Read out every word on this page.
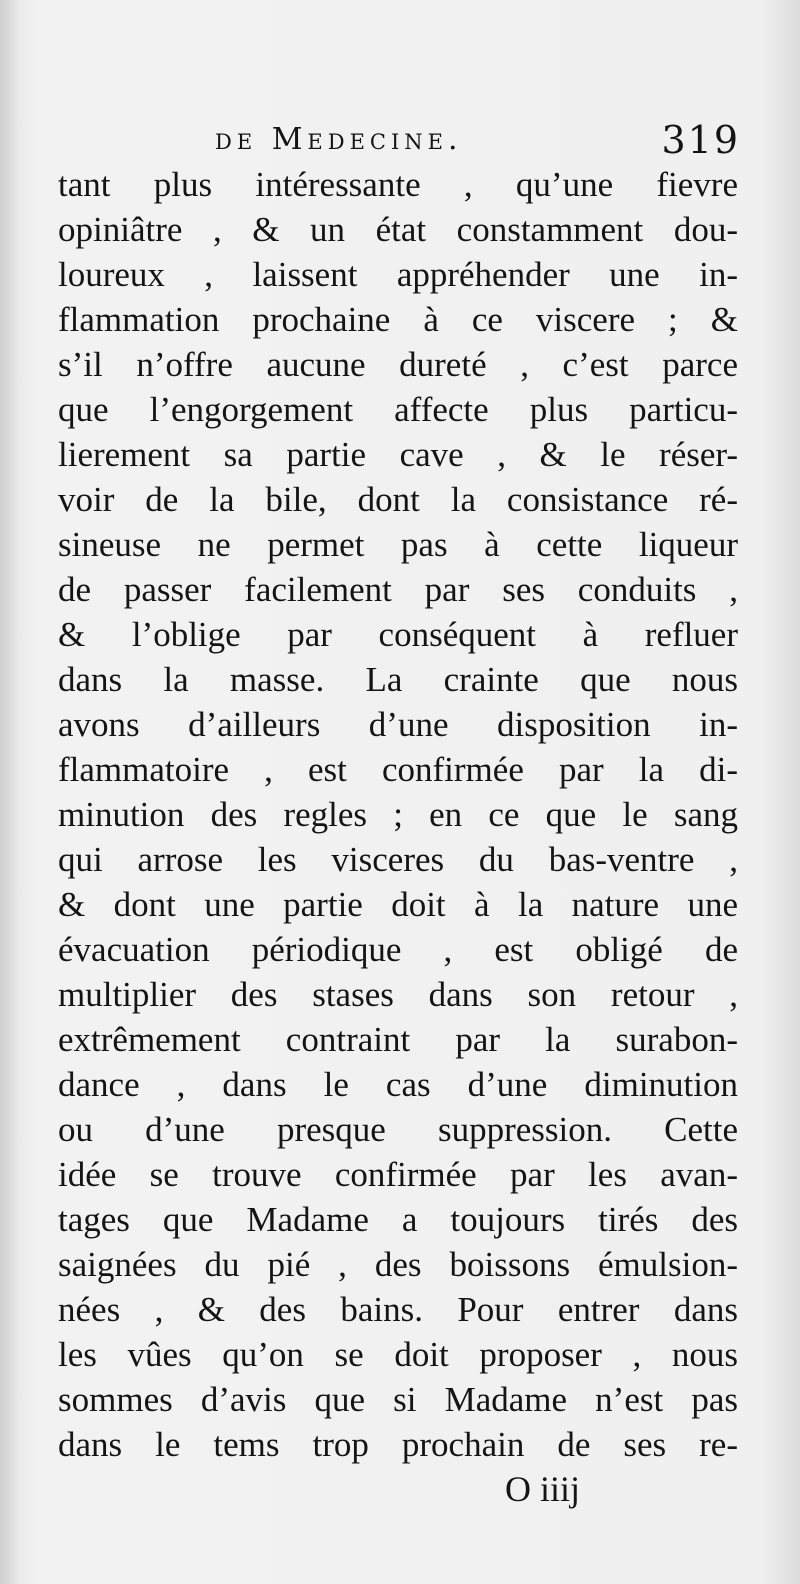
de Medecine.	319
tant plus intéressante , qu’une fievre
opiniâtre , & un état constamment dou-
loureux , laissent appréhender une in-
flammation prochaine à ce viscere ; &
s’il n’offre aucune dureté , c’est parce
que l’engorgement affecte plus particu-
lierement sa partie cave , & le réser-
voir de la bile, dont la consistance ré-
sineuse ne permet pas à cette liqueur
de passer facilement par ses conduits ,
& l’oblige par conséquent à refluer
dans la masse. La crainte que nous
avons d’ailleurs d’une disposition in-
flammatoire , est confirmée par la di-
minution des regles ; en ce que le sang
qui arrose les visceres du bas-ventre ,
& dont une partie doit à la nature une
évacuation périodique , est obligé de
multiplier des stases dans son retour ,
extrêmement contraint par la surabon-
dance , dans le cas d’une diminution
ou d’une presque suppression. Cette
idée se trouve confirmée par les avan-
tages que Madame a toujours tirés des
saignées du pié , des boissons émulsion-
nées , & des bains. Pour entrer dans
les vûes qu’on se doit proposer , nous
sommes d’avis que si Madame n’est pas
dans le tems trop prochain de ses re-
O iiij
